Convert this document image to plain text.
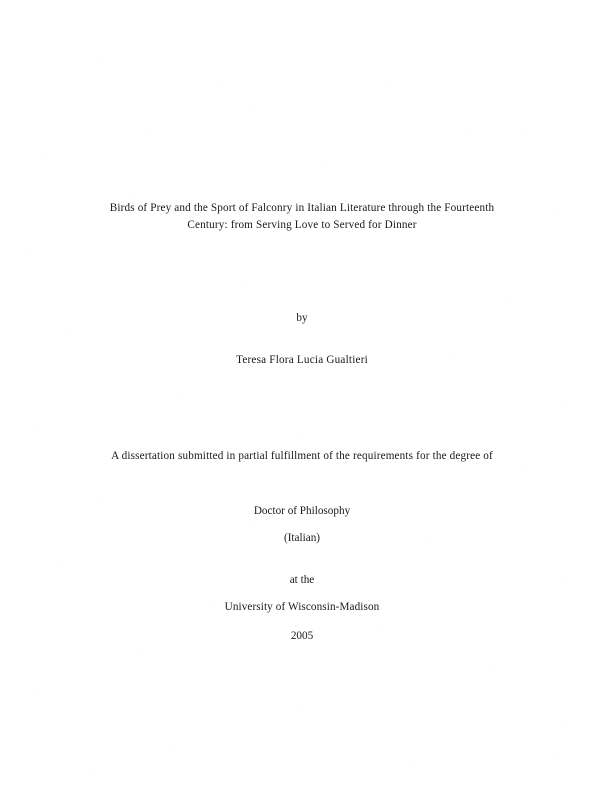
Birds of Prey and the Sport of Falconry in Italian Literature through the Fourteenth
Century: from Serving Love to Served for Dinner
by
Teresa Flora Lucia Gualtieri
A dissertation submitted in partial fulfillment of the requirements for the degree of
Doctor of Philosophy
(Italian)
at the
University of Wisconsin-Madison
2005
